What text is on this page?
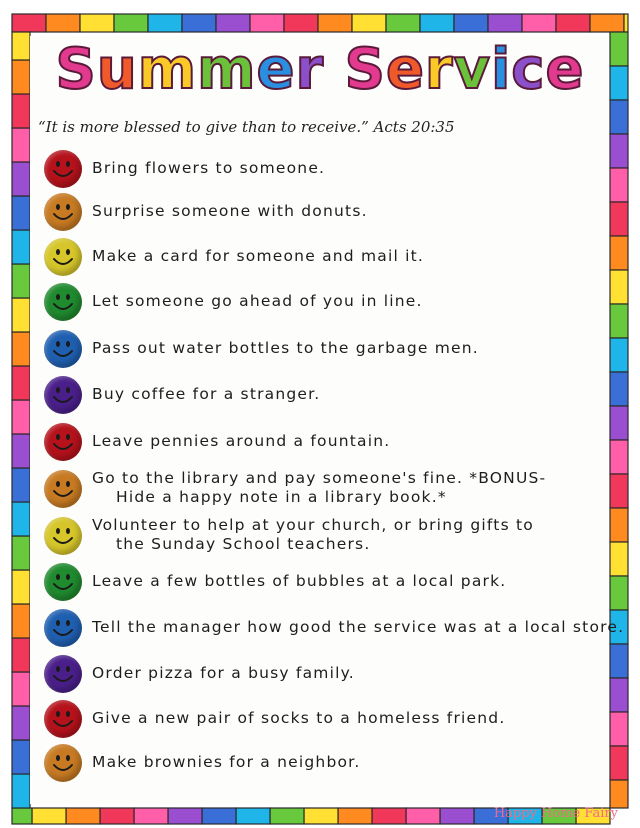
Summer Service
“It is more blessed to give than to receive.” Acts 20:35
Bring flowers to someone.
Surprise someone with donuts.
Make a card for someone and mail it.
Let someone go ahead of you in line.
Pass out water bottles to the garbage men.
Buy coffee for a stranger.
Leave pennies around a fountain.
Go to the library and pay someone's fine. *BONUS-
Hide a happy note in a library book.*
Volunteer to help at your church, or bring gifts to
the Sunday School teachers.
Leave a few bottles of bubbles at a local park.
Tell the manager how good the service was at a local store.
Order pizza for a busy family.
Give a new pair of socks to a homeless friend.
Make brownies for a neighbor.
Happy Home Fairy
